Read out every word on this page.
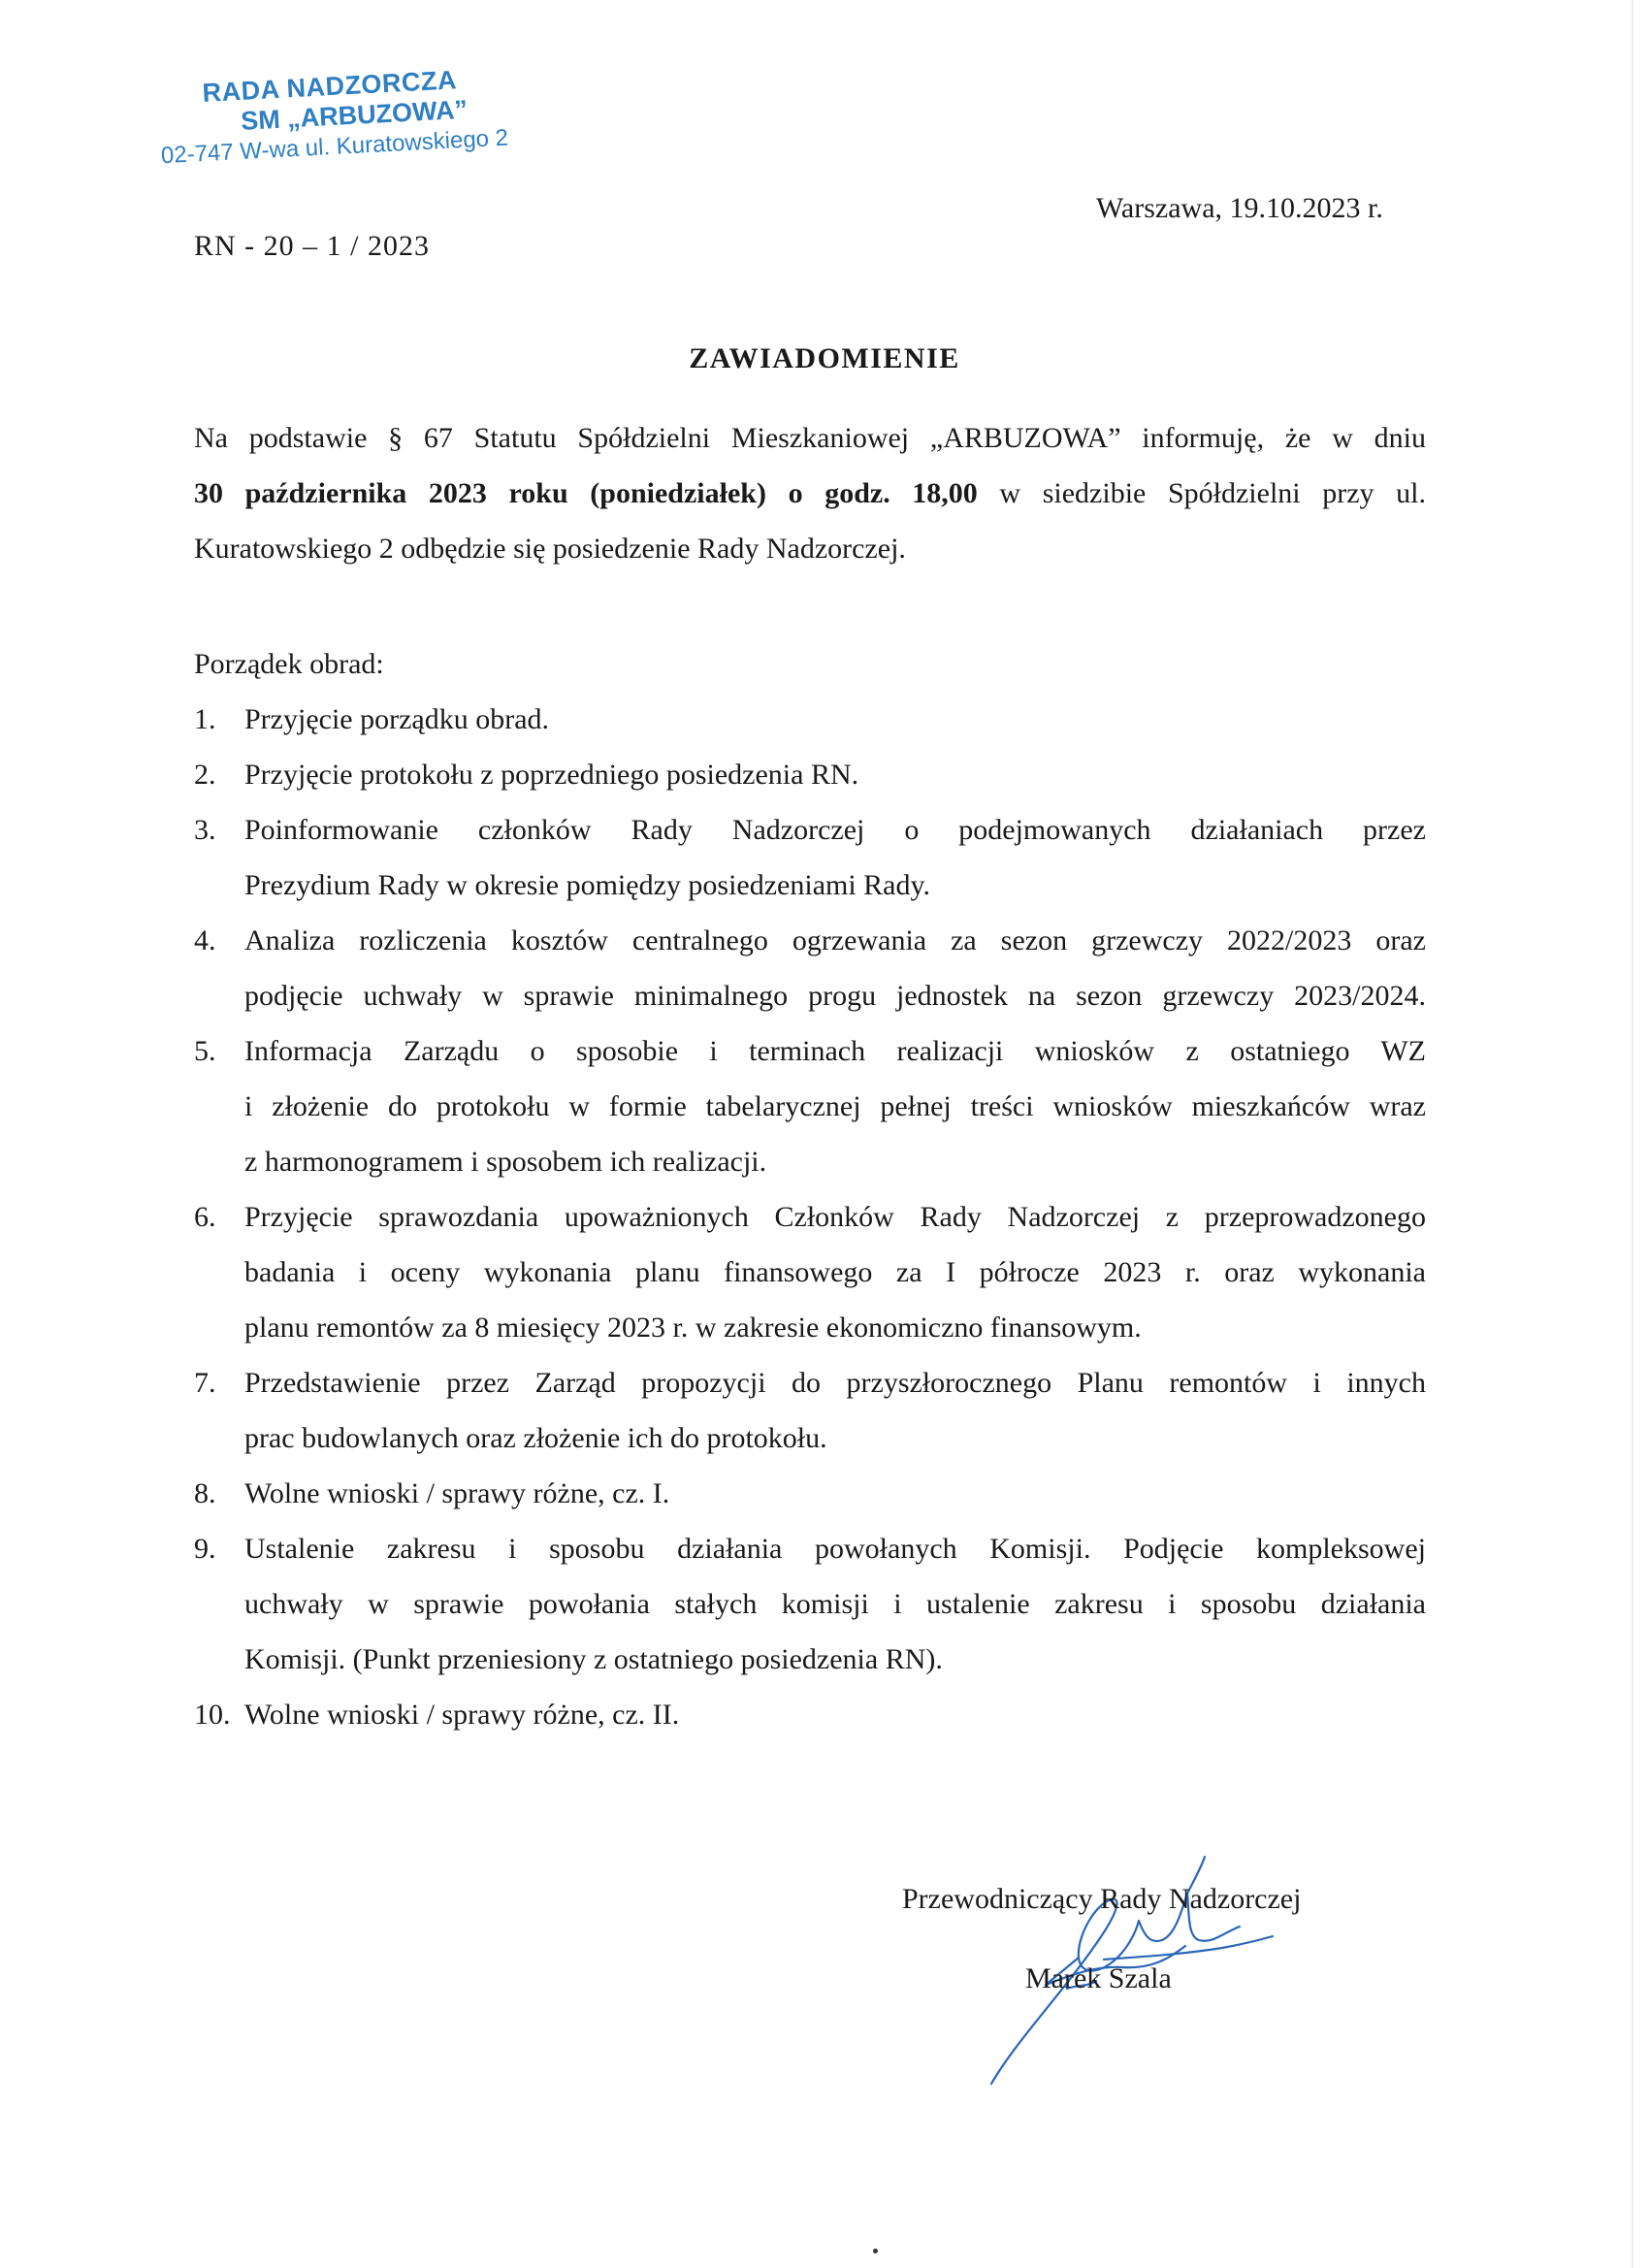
RADA NADZORCZA
SM „ARBUZOWA”
02-747 W-wa ul. Kuratowskiego 2
Warszawa, 19.10.2023 r.
RN - 20 – 1 / 2023
ZAWIADOMIENIE
Na podstawie § 67 Statutu Spółdzielni Mieszkaniowej „ARBUZOWA” informuję, że w dniu
30 października 2023 roku (poniedziałek) o godz. 18,00 w siedzibie Spółdzielni przy ul.
Kuratowskiego 2 odbędzie się posiedzenie Rady Nadzorczej.
Porządek obrad:
1. Przyjęcie porządku obrad.
2. Przyjęcie protokołu z poprzedniego posiedzenia RN.
3. Poinformowanie członków Rady Nadzorczej o podejmowanych działaniach przez
Prezydium Rady w okresie pomiędzy posiedzeniami Rady.
4. Analiza rozliczenia kosztów centralnego ogrzewania za sezon grzewczy 2022/2023 oraz
podjęcie uchwały w sprawie minimalnego progu jednostek na sezon grzewczy 2023/2024.
5. Informacja Zarządu o sposobie i terminach realizacji wniosków z ostatniego WZ
i złożenie do protokołu w formie tabelarycznej pełnej treści wniosków mieszkańców wraz
z harmonogramem i sposobem ich realizacji.
6. Przyjęcie sprawozdania upoważnionych Członków Rady Nadzorczej z przeprowadzonego
badania i oceny wykonania planu finansowego za I półrocze 2023 r. oraz wykonania
planu remontów za 8 miesięcy 2023 r. w zakresie ekonomiczno finansowym.
7. Przedstawienie przez Zarząd propozycji do przyszłorocznego Planu remontów i innych
prac budowlanych oraz złożenie ich do protokołu.
8. Wolne wnioski / sprawy różne, cz. I.
9. Ustalenie zakresu i sposobu działania powołanych Komisji. Podjęcie kompleksowej
uchwały w sprawie powołania stałych komisji i ustalenie zakresu i sposobu działania
Komisji. (Punkt przeniesiony z ostatniego posiedzenia RN).
10. Wolne wnioski / sprawy różne, cz. II.
Przewodniczący Rady Nadzorczej
Marek Szala
